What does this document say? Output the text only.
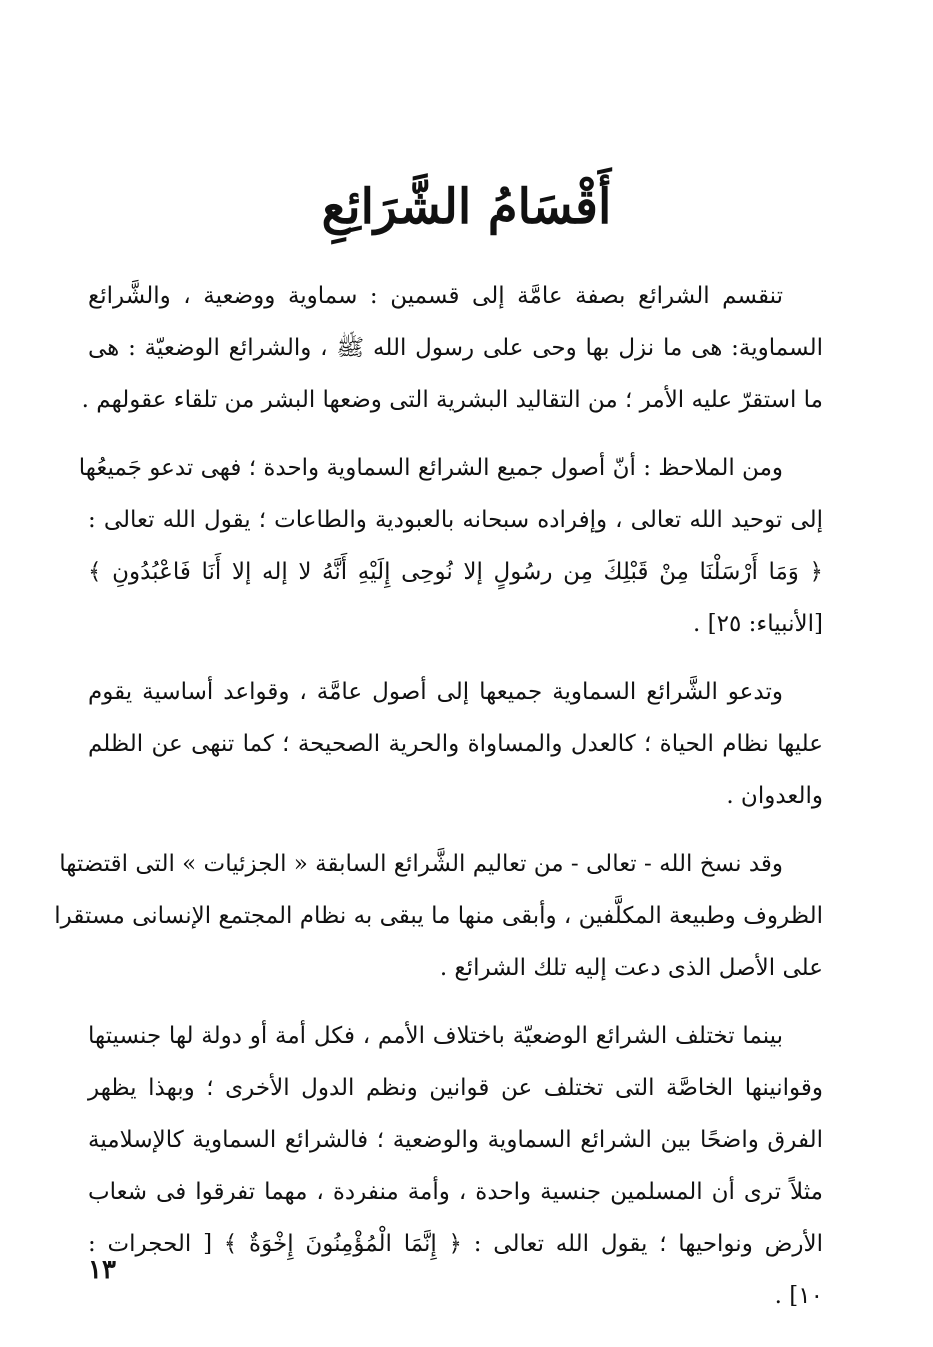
أَقْسَامُ الشَّرَائِعِ

تنقسم الشرائع بصفة عامَّة إلى قسمين : سماوية ووضعية ، والشَّرائع
السماوية: هى ما نزل بها وحى على رسول الله ﷺ ، والشرائع الوضعيّة : هى
ما استقرّ عليه الأمر ؛ من التقاليد البشرية التى وضعها البشر من تلقاء عقولهم .

ومن الملاحظ : أنّ أصول جميع الشرائع السماوية واحدة ؛ فهى تدعو جَميعُها
إلى توحيد الله تعالى ، وإفراده سبحانه بالعبودية والطاعات ؛ يقول الله تعالى :
﴿ وَمَا أَرْسَلْنَا مِنْ قَبْلِكَ مِن رسُولٍ إلا نُوحِى إِلَيْهِ أَنَّهُ لا إله إلا أَنَا فَاعْبُدُونِ ﴾
[الأنبياء: ٢٥] .

وتدعو الشَّرائع السماوية جميعها إلى أصول عامَّة ، وقواعد أساسية يقوم
عليها نظام الحياة ؛ كالعدل والمساواة والحرية الصحيحة ؛ كما تنهى عن الظلم
والعدوان .

وقد نسخ الله - تعالى - من تعاليم الشَّرائع السابقة « الجزئيات » التى اقتضتها
الظروف وطبيعة المكلَّفين ، وأبقى منها ما يبقى به نظام المجتمع الإنسانى مستقرا
على الأصل الذى دعت إليه تلك الشرائع .

بينما تختلف الشرائع الوضعيّة باختلاف الأمم ، فكل أمة أو دولة لها جنسيتها
وقوانينها الخاصَّة التى تختلف عن قوانين ونظم الدول الأخرى ؛ وبهذا يظهر
الفرق واضحًا بين الشرائع السماوية والوضعية ؛ فالشرائع السماوية كالإسلامية
مثلاً ترى أن المسلمين جنسية واحدة ، وأمة منفردة ، مهما تفرقوا فى شعاب
الأرض ونواحيها ؛ يقول الله تعالى : ﴿ إِنَّمَا الْمُؤْمِنُونَ إِخْوَةٌ ﴾ [ الحجرات :
١٠] .

١٣
